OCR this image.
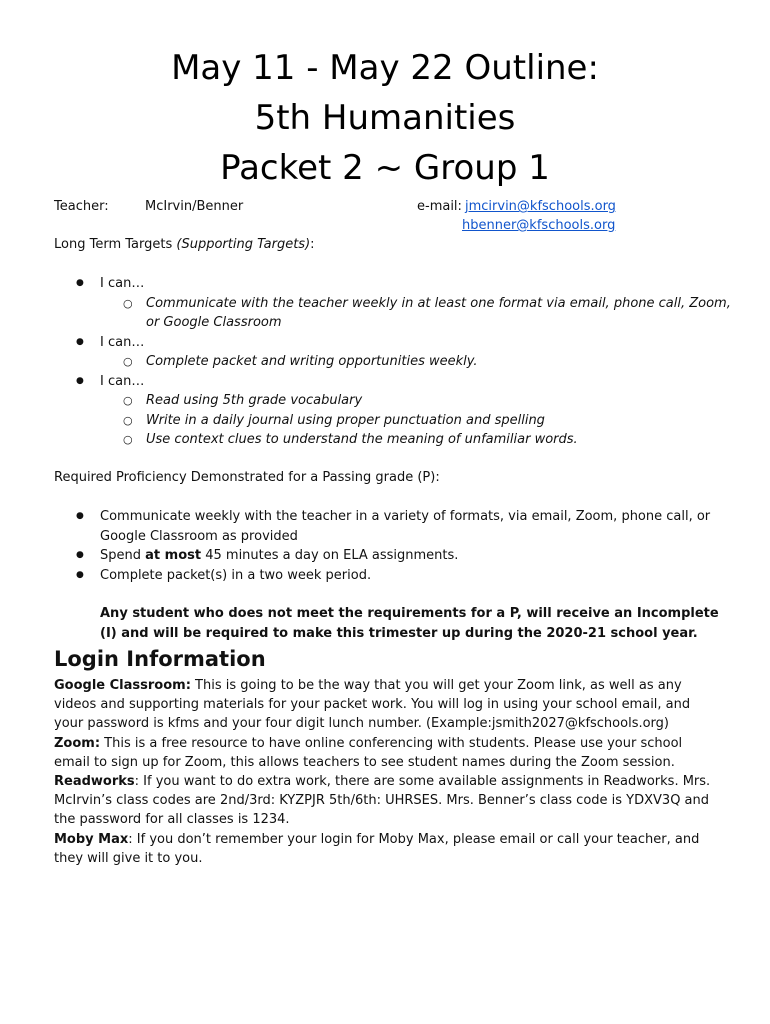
May 11 - May 22 Outline:
5th Humanities
Packet 2 ~ Group 1
Teacher:	McIrvin/Benner	e-mail: jmcirvin@kfschools.org
hbenner@kfschools.org
Long Term Targets (Supporting Targets):
● I can…
○ Communicate with the teacher weekly in at least one format via email, phone call, Zoom, or Google Classroom
● I can…
○ Complete packet and writing opportunities weekly.
● I can…
○ Read using 5th grade vocabulary
○ Write in a daily journal using proper punctuation and spelling
○ Use context clues to understand the meaning of unfamiliar words.
Required Proficiency Demonstrated for a Passing grade (P):
● Communicate weekly with the teacher in a variety of formats, via email, Zoom, phone call, or Google Classroom as provided
● Spend at most 45 minutes a day on ELA assignments.
● Complete packet(s) in a two week period.
Any student who does not meet the requirements for a P, will receive an Incomplete (I) and will be required to make this trimester up during the 2020-21 school year.
Login Information

Google Classroom: This is going to be the way that you will get your Zoom link, as well as any videos and supporting materials for your packet work. You will log in using your school email, and your password is kfms and your four digit lunch number. (Example:jsmith2027@kfschools.org)

Zoom: This is a free resource to have online conferencing with students. Please use your school email to sign up for Zoom, this allows teachers to see student names during the Zoom session.

Readworks: If you want to do extra work, there are some available assignments in Readworks. Mrs. McIrvin’s class codes are 2nd/3rd: KYZPJR 5th/6th: UHRSES. Mrs. Benner’s class code is YDXV3Q and the password for all classes is 1234.

Moby Max: If you don’t remember your login for Moby Max, please email or call your teacher, and they will give it to you.
